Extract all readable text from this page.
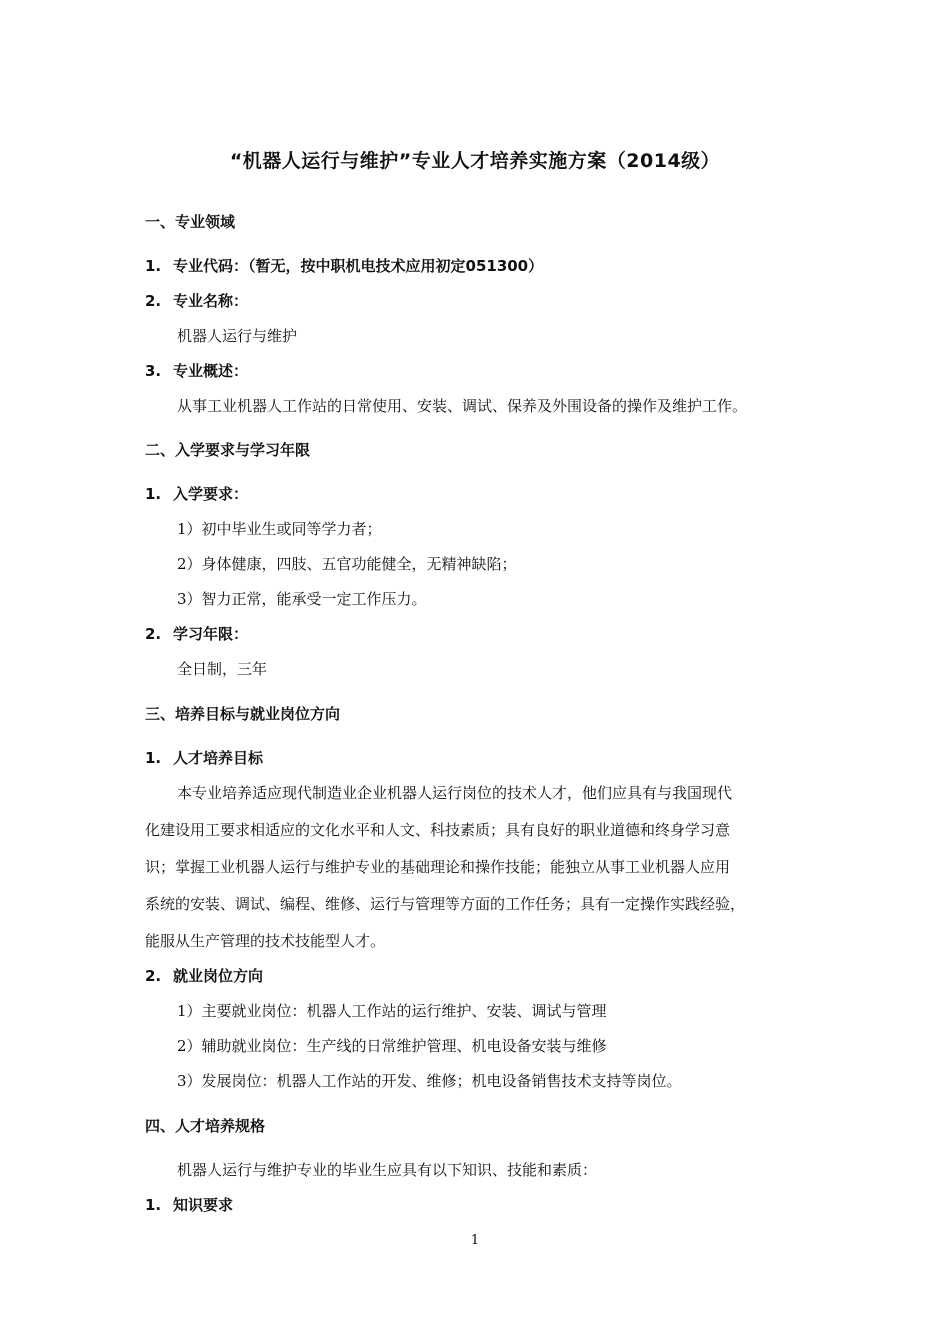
“机器人运行与维护”专业人才培养实施方案（2014级）
一、专业领域
1. 专业代码：（暂无，按中职机电技术应用初定051300）
2. 专业名称：
机器人运行与维护
3. 专业概述：
从事工业机器人工作站的日常使用、安装、调试、保养及外围设备的操作及维护工作。
二、入学要求与学习年限
1. 入学要求：
1）初中毕业生或同等学力者；
2）身体健康，四肢、五官功能健全，无精神缺陷；
3）智力正常，能承受一定工作压力。
2. 学习年限：
全日制，三年
三、培养目标与就业岗位方向
1. 人才培养目标
本专业培养适应现代制造业企业机器人运行岗位的技术人才，他们应具有与我国现代
化建设用工要求相适应的文化水平和人文、科技素质；具有良好的职业道德和终身学习意
识；掌握工业机器人运行与维护专业的基础理论和操作技能；能独立从事工业机器人应用
系统的安装、调试、编程、维修、运行与管理等方面的工作任务；具有一定操作实践经验，
能服从生产管理的技术技能型人才。
2. 就业岗位方向
1）主要就业岗位：机器人工作站的运行维护、安装、调试与管理
2）辅助就业岗位：生产线的日常维护管理、机电设备安装与维修
3）发展岗位：机器人工作站的开发、维修；机电设备销售技术支持等岗位。
四、人才培养规格
机器人运行与维护专业的毕业生应具有以下知识、技能和素质：
1. 知识要求
1
